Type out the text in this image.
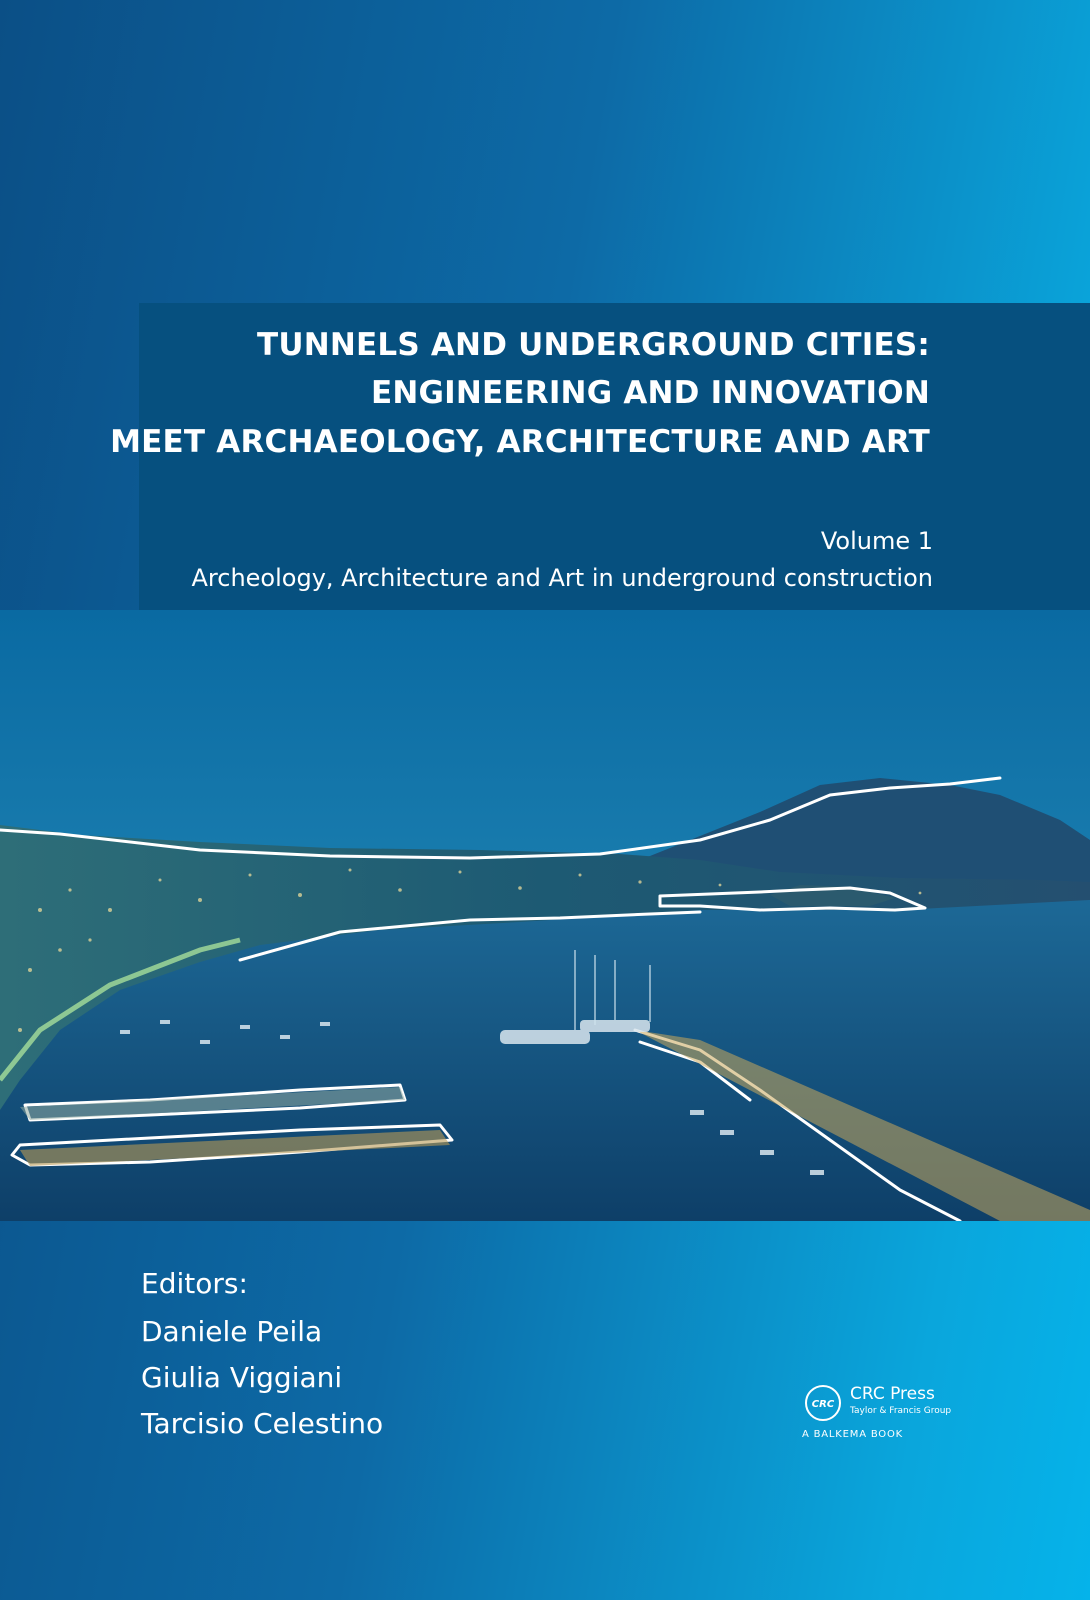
TUNNELS AND UNDERGROUND CITIES:
ENGINEERING AND INNOVATION
MEET ARCHAEOLOGY, ARCHITECTURE AND ART

Volume 1

Archeology, Architecture and Art in underground construction

Editors:

Daniele Peila

Giulia Viggiani

Tarcisio Celestino

CRC
CRC Press
Taylor & Francis Group
A BALKEMA BOOK
